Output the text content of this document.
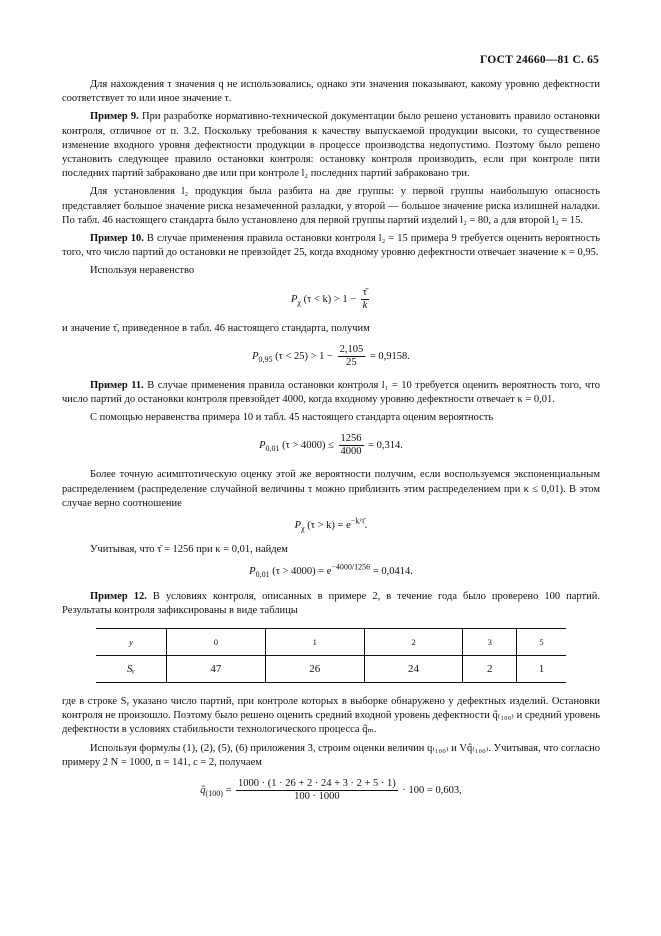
ГОСТ 24660—81 С. 65

Для нахождения τ значения q не использовались, однако эти значения показывают, какому уровню дефектности соответствует то или иное значение τ.

Пример 9. При разработке нормативно-технической документации было решено установить правило остановки контроля, отличное от п. 3.2. Поскольку требования к качеству выпускаемой продукции высоки, то существенное изменение входного уровня дефектности продукции в процессе производства недопустимо. Поэтому было решено установить следующее правило остановки контроля: остановку контроля производить, если при контроле пяти последних партий забраковано две или при контроле l₂ последних партий забраковано три.

Для установления l₂ продукция была разбита на две группы: у первой группы наибольшую опасность представляет большое значение риска незамеченной разладки, у второй — большое значение риска излишней наладки. По табл. 46 настоящего стандарта было установлено для первой группы партий изделий l₂ = 80, а для второй l₂ = 15.

Пример 10. В случае применения правила остановки контроля l₂ = 15 примера 9 требуется оценить вероятность того, что число партий до остановки не превзойдет 25, когда входному уровню дефектности отвечает значение κ = 0,95.

Используя неравенство

$P_\chi$ $(\tau < k) > 1 - \frac{\taū}{k}$

и значение τ̄, приведенное в табл. 46 настоящего стандарта, получим

$P_{0,95}$ $(\tau < 25) > 1 - \frac{2,105}{25} = 0,9158$.

Пример 11. В случае применения правила остановки контроля l₁ = 10 требуется оценить вероятность того, что число партий до остановки контроля превзойдет 4000, когда входному уровню дефектности отвечает κ = 0,01.

С помощью неравенства примера 10 и табл. 45 настоящего стандарта оценим вероятность

$P_{0,01}$ $(\tau > 4000) \le \frac{1256}{4000} = 0,314$.

Более точную асимптотическую оценку этой же вероятности получим, если воспользуемся экспоненциальным распределением (распределение случайной величины τ можно приблизить этим распределением при κ ≤ 0,01). В этом случае верно соотношение

$P_\chi$ $(\tau > k) = e^{-k/\taū}$.

Учитывая, что τ̄ = 1256 при κ = 0,01, найдем

$P_{0,01}$ $(\tau > 4000) = e^{-4000/1256} = 0,0414$.

Пример 12. В условиях контроля, описанных в примере 2, в течение года было проверено 100 партий. Результаты контроля зафиксированы в виде таблицы

y	0	1	2	3	5
Sᵧ	47	26	24	2	1

где в строке Sᵧ указано число партий, при контроле которых в выборке обнаружено y дефектных изделий. Остановки контроля не произошло. Поэтому было решено оценить средний входной уровень дефектности q̂₍₁₀₀₎ и средний уровень дефектности в условиях стабильности технологического процесса q̂ₘ.

Используя формулы (1), (2), (5), (6) приложения 3, строим оценки величин q₍₁₀₀₎ и Vq̂₍₁₀₀₎. Учитывая, что согласно примеру 2 N = 1000, n = 141, c = 2, получаем

$q̂_{(100)} = \frac{1000 \cdot (1 \cdot 26 + 2 \cdot 24 + 3 \cdot 2 + 5 \cdot 1)}{100 \cdot 1000} \cdot 100 = 0,603$,
